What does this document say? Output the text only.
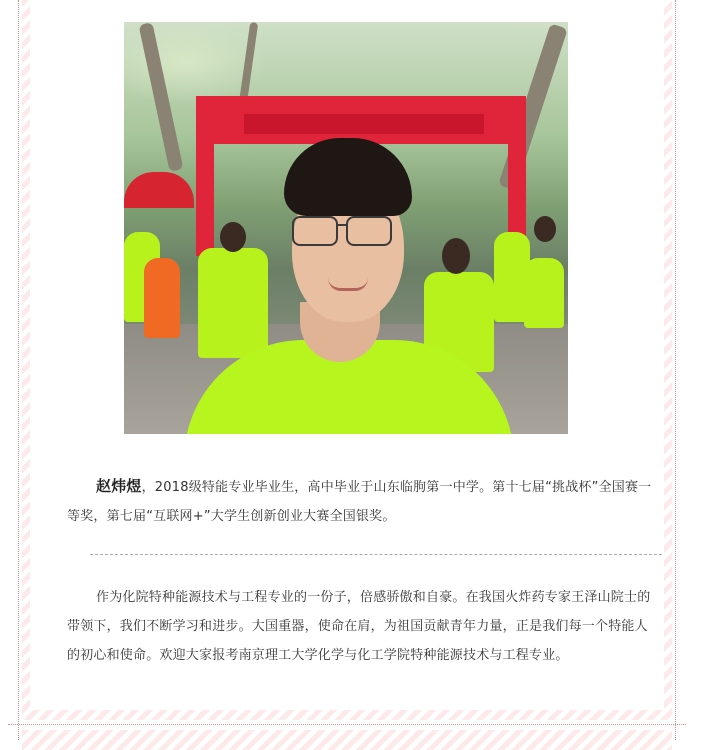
赵炜煜，2018级特能专业毕业生，高中毕业于山东临朐第一中学。第十七届“挑战杯”全国赛一等奖，第七届“互联网+”大学生创新创业大赛全国银奖。

作为化院特种能源技术与工程专业的一份子，倍感骄傲和自豪。在我国火炸药专家王泽山院士的带领下，我们不断学习和进步。大国重器，使命在肩，为祖国贡献青年力量，正是我们每一个特能人的初心和使命。欢迎大家报考南京理工大学化学与化工学院特种能源技术与工程专业。
